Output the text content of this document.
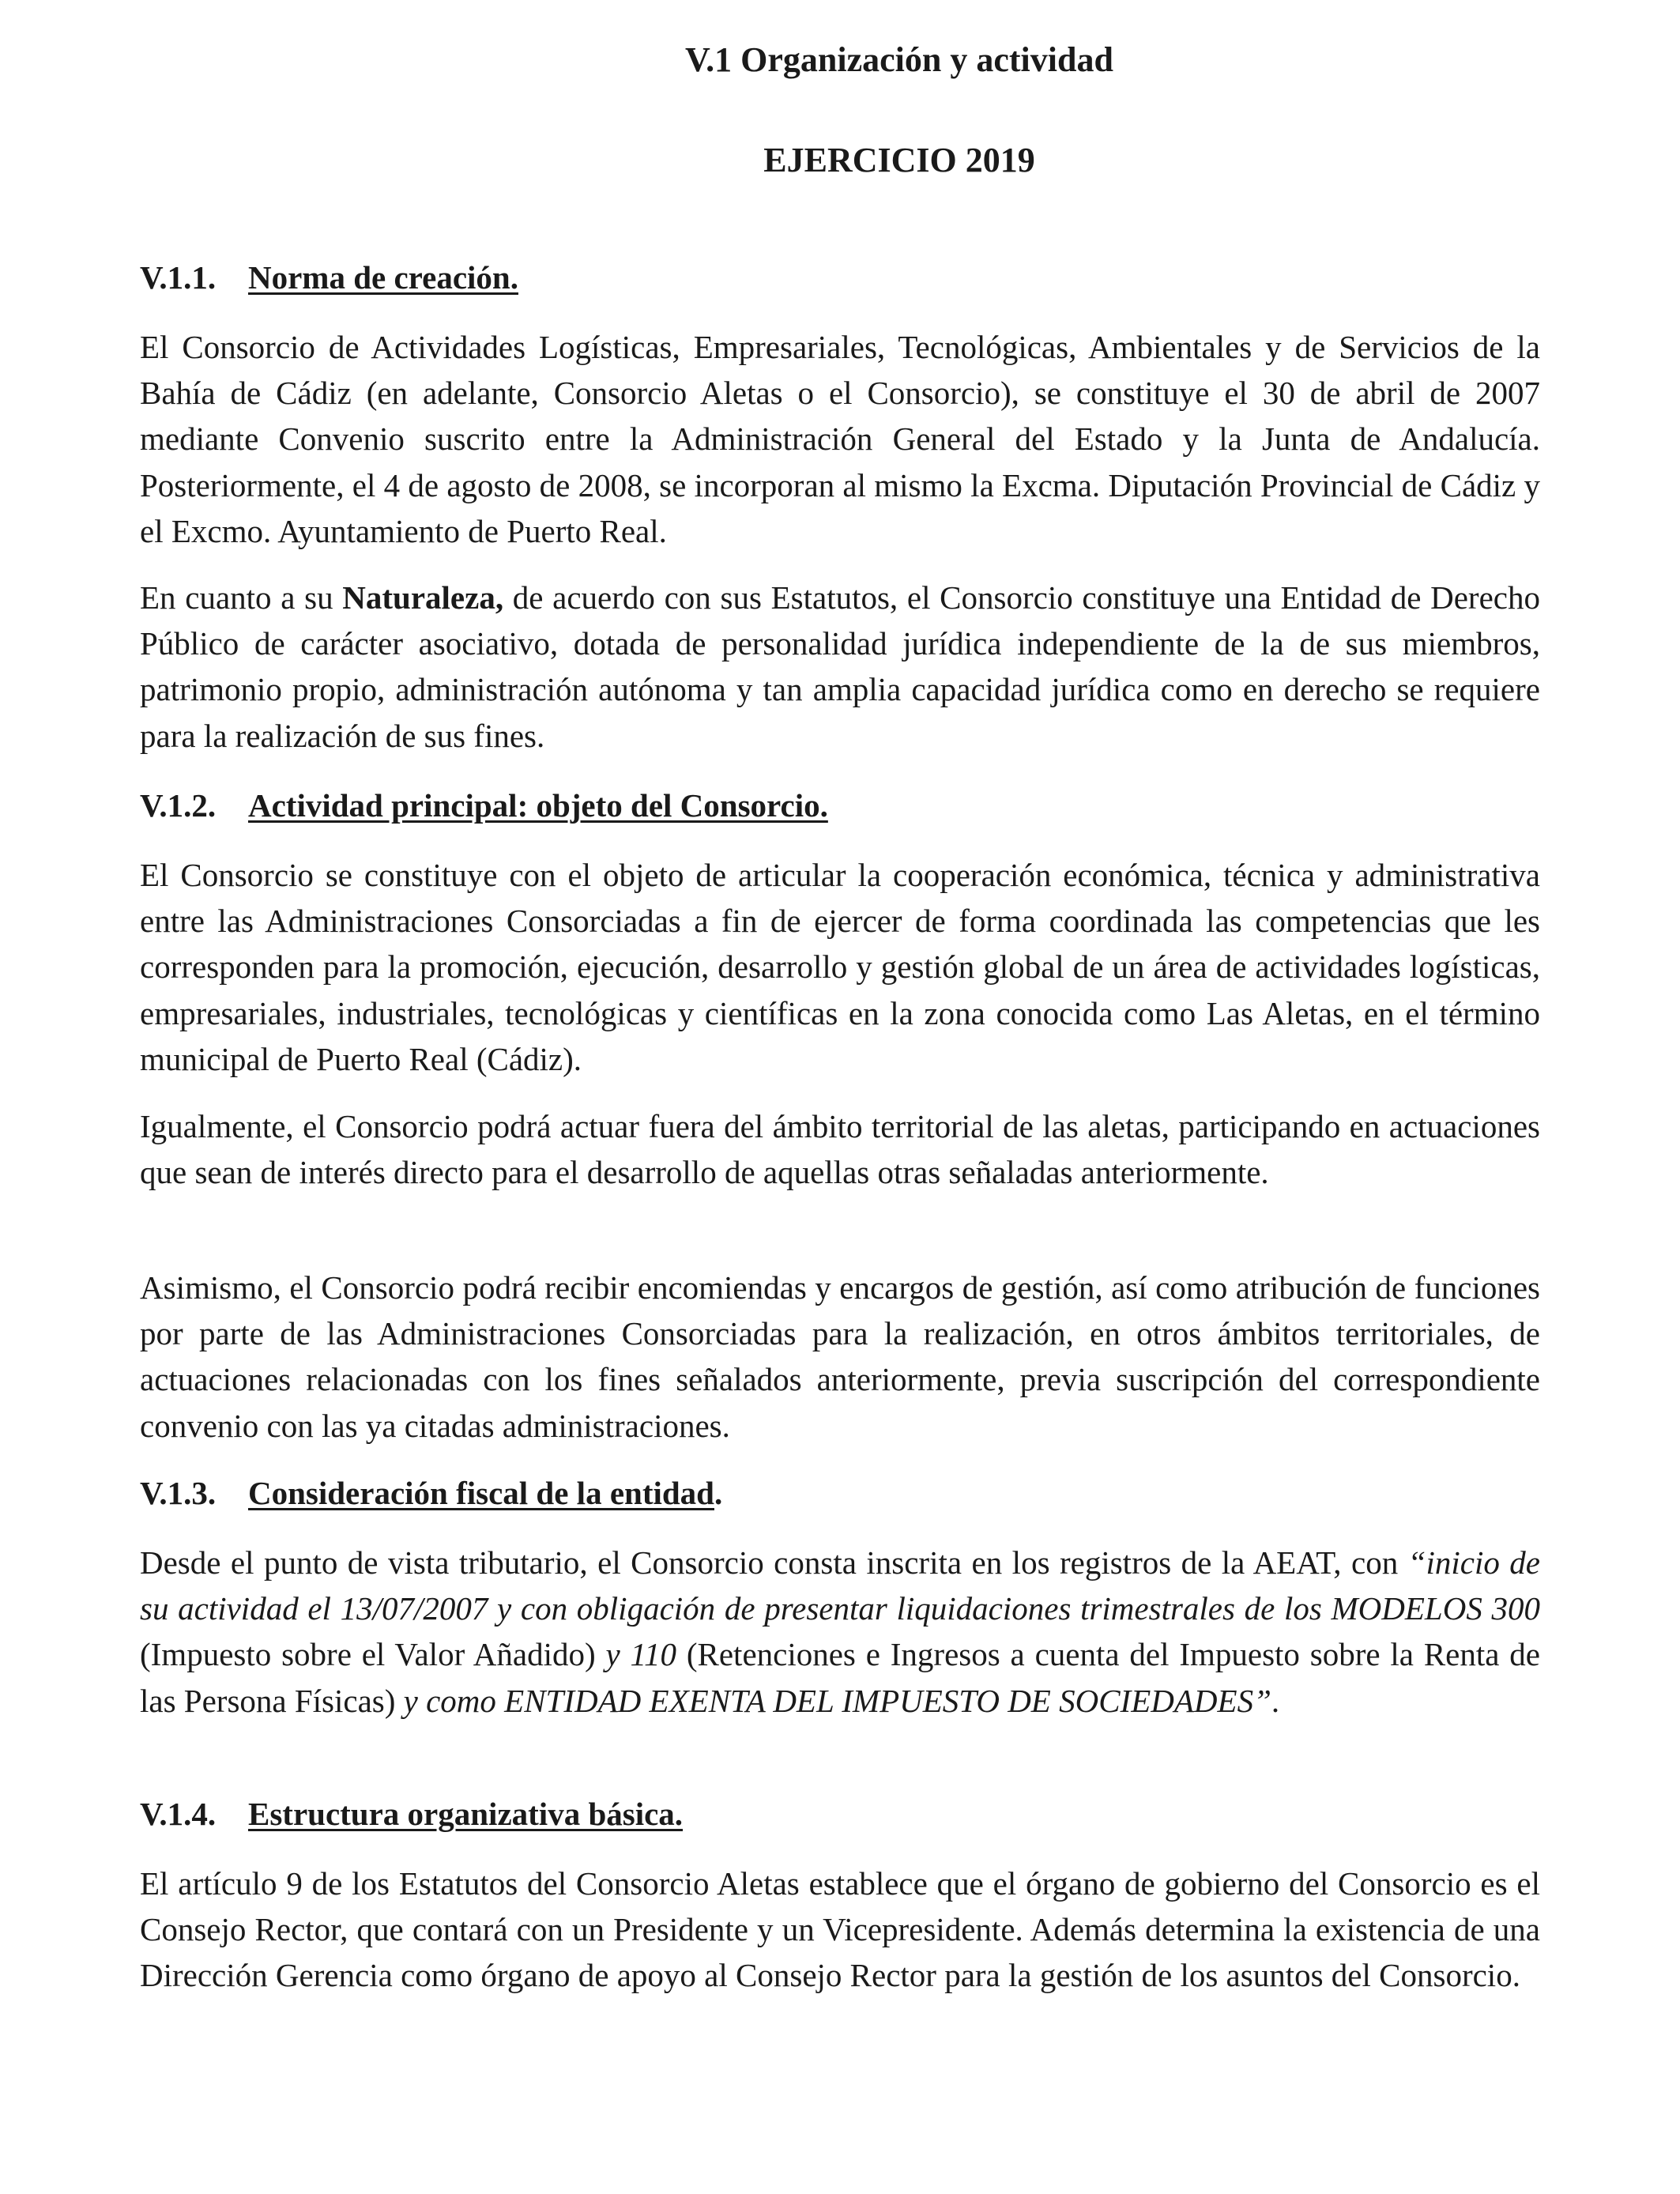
V.1 Organización y actividad
EJERCICIO 2019
V.1.1. Norma de creación.

El Consorcio de Actividades Logísticas, Empresariales, Tecnológicas, Ambientales y de Servicios de la Bahía de Cádiz (en adelante, Consorcio Aletas o el Consorcio), se constituye el 30 de abril de 2007 mediante Convenio suscrito entre la Administración General del Estado y la Junta de Andalucía. Posteriormente, el 4 de agosto de 2008, se incorporan al mismo la Excma. Diputación Provincial de Cádiz y el Excmo. Ayuntamiento de Puerto Real.

En cuanto a su Naturaleza, de acuerdo con sus Estatutos, el Consorcio constituye una Entidad de Derecho Público de carácter asociativo, dotada de personalidad jurídica independiente de la de sus miembros, patrimonio propio, administración autónoma y tan amplia capacidad jurídica como en derecho se requiere para la realización de sus fines.

V.1.2. Actividad principal: objeto del Consorcio.

El Consorcio se constituye con el objeto de articular la cooperación económica, técnica y administrativa entre las Administraciones Consorciadas a fin de ejercer de forma coordinada las competencias que les corresponden para la promoción, ejecución, desarrollo y gestión global de un área de actividades logísticas, empresariales, industriales, tecnológicas y científicas en la zona conocida como Las Aletas, en el término municipal de Puerto Real (Cádiz).

Igualmente, el Consorcio podrá actuar fuera del ámbito territorial de las aletas, participando en actuaciones que sean de interés directo para el desarrollo de aquellas otras señaladas anteriormente.

Asimismo, el Consorcio podrá recibir encomiendas y encargos de gestión, así como atribución de funciones por parte de las Administraciones Consorciadas para la realización, en otros ámbitos territoriales, de actuaciones relacionadas con los fines señalados anteriormente, previa suscripción del correspondiente convenio con las ya citadas administraciones.

V.1.3. Consideración fiscal de la entidad.

Desde el punto de vista tributario, el Consorcio consta inscrita en los registros de la AEAT, con “inicio de su actividad el 13/07/2007 y con obligación de presentar liquidaciones trimestrales de los MODELOS 300 (Impuesto sobre el Valor Añadido) y 110 (Retenciones e Ingresos a cuenta del Impuesto sobre la Renta de las Persona Físicas) y como ENTIDAD EXENTA DEL IMPUESTO DE SOCIEDADES”.

V.1.4. Estructura organizativa básica.

El artículo 9 de los Estatutos del Consorcio Aletas establece que el órgano de gobierno del Consorcio es el Consejo Rector, que contará con un Presidente y un Vicepresidente. Además determina la existencia de una Dirección Gerencia como órgano de apoyo al Consejo Rector para la gestión de los asuntos del Consorcio.
